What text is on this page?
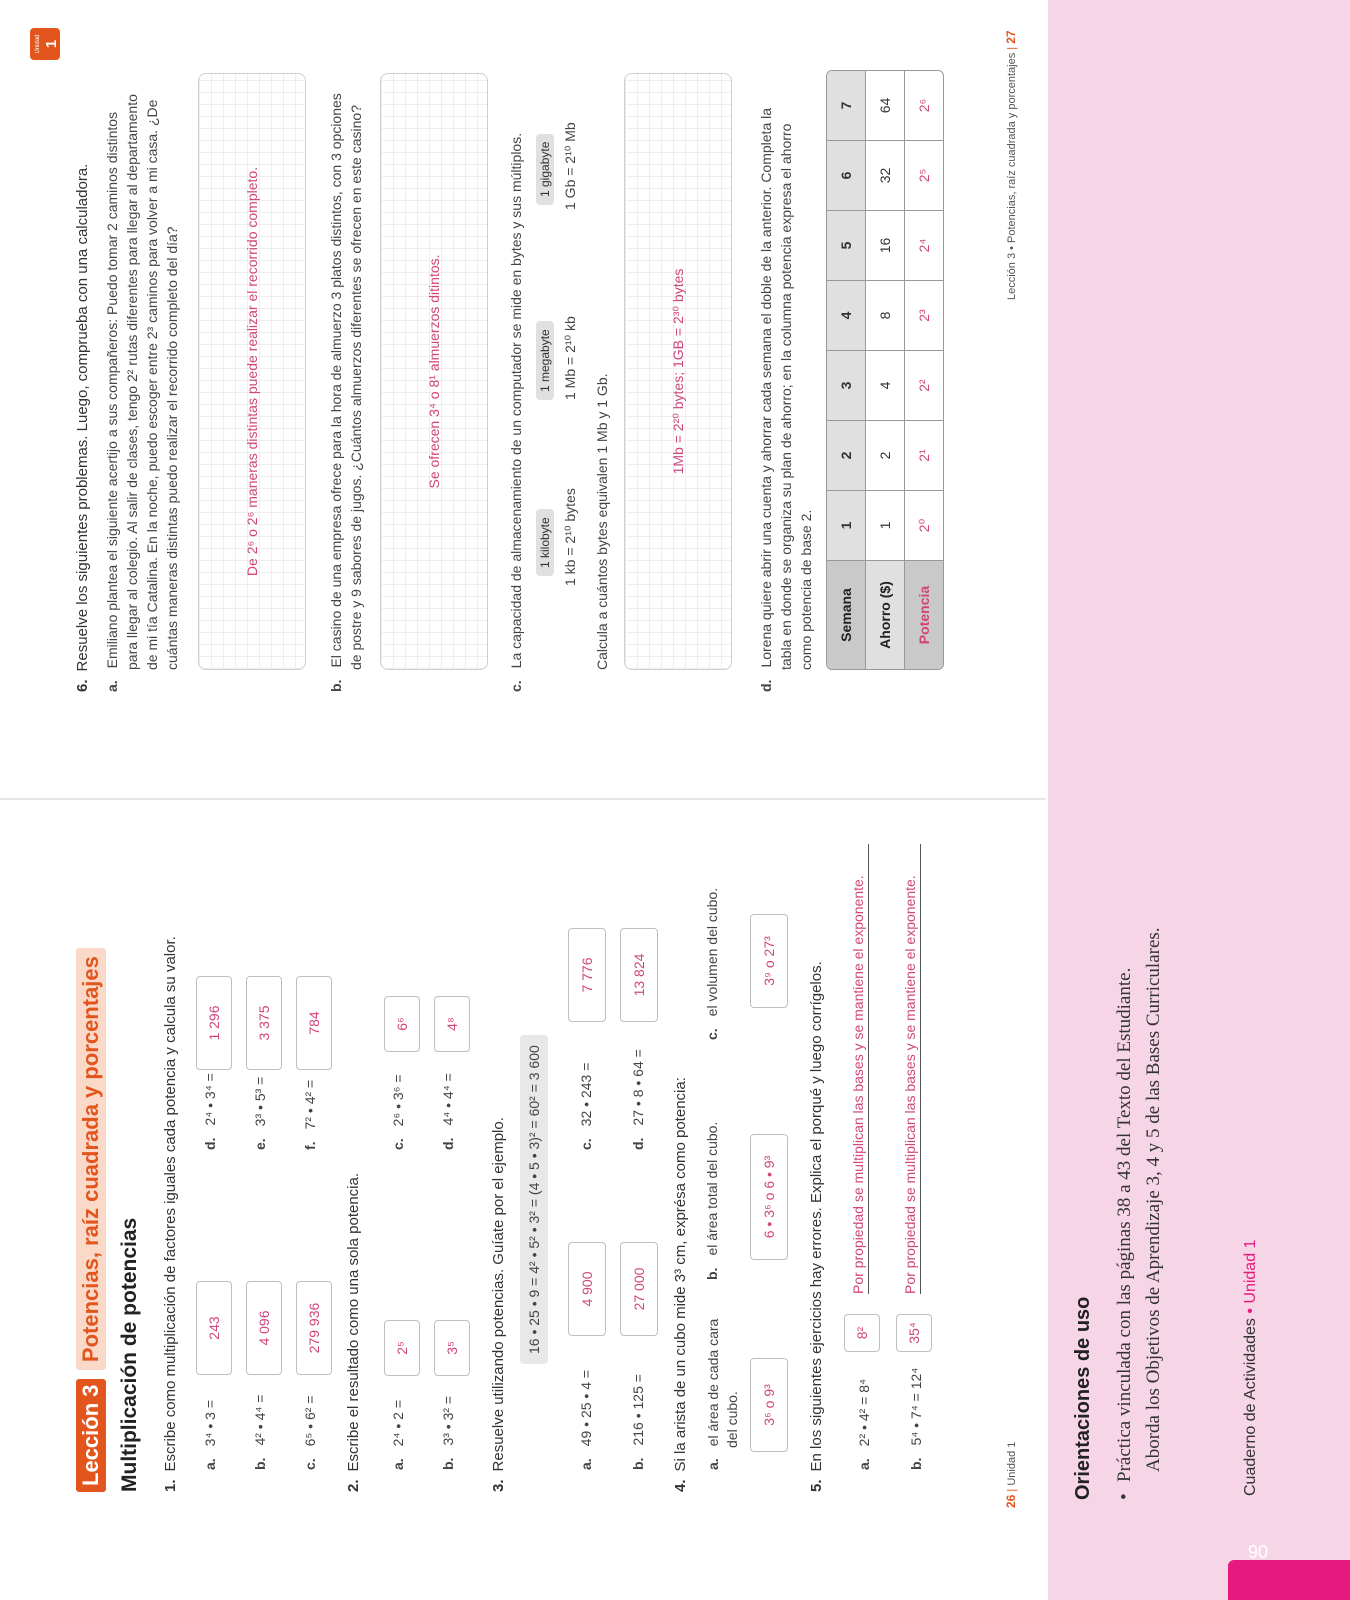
Lección 3 Potencias, raíz cuadrada y porcentajes Multiplicación de potencias 1.Escribe como multiplicación de factores iguales cada potencia y calcula su valor. a.3⁴ • 3 =
243
b.4² • 4⁴ =
4 096
c.6⁵ • 6² =
279 936
d.2⁴ • 3⁴ =
1 296
e.3³ • 5³ =
3 375
f.7² • 4² =
784
2.Escribe el resultado como una sola potencia. a.2⁴ • 2 =
2⁵
b.3³ • 3² =
3⁵
c.2⁶ • 3⁶ =
6⁶
d.4⁴ • 4⁴ =
4⁸
3.Resuelve utilizando potencias. Guíate por el ejemplo.	16 • 25 • 9 = 4² • 5² • 3² = (4 • 5 • 3)² = 60² = 3 600
a.49 • 25 • 4 =
4 900
b.216 • 125 =
27 000
c.32 • 243 =
7 776
d.27 • 8 • 64 =
13 824
4.Si la arista de un cubo mide 3³ cm, exprésa como potencia: a.el área de cada cara del cubo.	3⁶ o 9³
b.el área total del cubo.	6 • 3⁶ o 6 • 9³
c.el volumen del cubo.	3⁹ o 27³
5.En los siguientes ejercicios hay errores. Explica el porqué y luego corrígelos. a.2² • 4² = 8⁴
8²
Por propiedad se multiplican las bases y se mantiene el exponente.
b.5⁴ • 7⁴ = 12⁴
35⁴
Por propiedad se multiplican las bases y se mantiene el exponente.
26 | Unidad 1
Unidad 1
6.Resuelve los siguientes problemas. Luego, comprueba con una calculadora.
a.Emiliano plantea el siguiente acertijo a sus compañeros: Puedo tomar 2 caminos distintos para llegar al colegio. Al salir de clases, tengo 2² rutas diferentes para llegar al departamento de mi tía Catalina. En la noche, puedo escoger entre 2³ caminos para volver a mi casa. ¿De cuántas maneras distintas puedo realizar el recorrido completo del día?	De 2⁶ o 2⁶ maneras distintas puede realizar el recorrido completo.
b.El casino de una empresa ofrece para la hora de almuerzo 3 platos distintos, con 3 opciones de postre y 9 sabores de jugos. ¿Cuántos almuerzos diferentes se ofrecen en este casino?	Se ofrecen 3⁴ o 8¹ almuerzos ditintos.
c.La capacidad de almacenamiento de un computador se mide en bytes y sus múltiplos. 1 kilobyte 1 kb = 2¹⁰ bytes
1 megabyte 1 Mb = 2¹⁰ kb
1 gigabyte 1 Gb = 2¹⁰ Mb
Calcula a cuántos bytes equivalen 1 Mb y 1 Gb.
1Mb = 2²⁰ bytes; 1GB = 2³⁰ bytes
d.Lorena quiere abrir una cuenta y ahorrar cada semana el doble de la anterior. Completa la tabla en donde se organiza su plan de ahorro; en la columna potencia expresa el ahorro como potencia de base 2. Semana	1	2	3	4	5	6	7
Ahorro ($)	1	2	4	8	16	32	64
Potencia	2⁰	2¹	2²	2³	2⁴	2⁵	2⁶	Lección 3 • Potencias, raíz cuadrada y porcentajes | 27
Orientaciones de uso •Práctica vinculada con las páginas 38 a 43 del Texto del Estudiante. Aborda los Objetivos de Aprendizaje 3, 4 y 5 de las Bases Curriculares.	Cuaderno de Actividades • Unidad 1
90
